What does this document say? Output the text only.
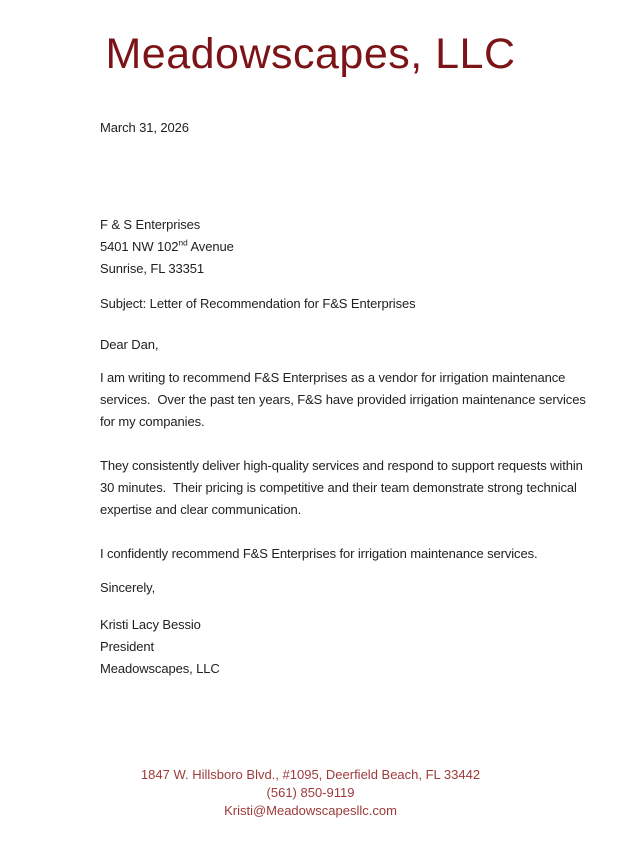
Meadowscapes, LLC
March 31, 2026
F & S Enterprises
5401 NW 102nd Avenue
Sunrise, FL 33351
Subject: Letter of Recommendation for F&S Enterprises
Dear Dan,

I am writing to recommend F&S Enterprises as a vendor for irrigation maintenance services.  Over the past ten years, F&S have provided irrigation maintenance services for my companies.

They consistently deliver high-quality services and respond to support requests within 30 minutes.  Their pricing is competitive and their team demonstrate strong technical expertise and clear communication.

I confidently recommend F&S Enterprises for irrigation maintenance services.

Sincerely,
Kristi Lacy Bessio
President
Meadowscapes, LLC
1847 W. Hillsboro Blvd., #1095, Deerfield Beach, FL 33442
(561) 850-9119
Kristi@Meadowscapesllc.com
